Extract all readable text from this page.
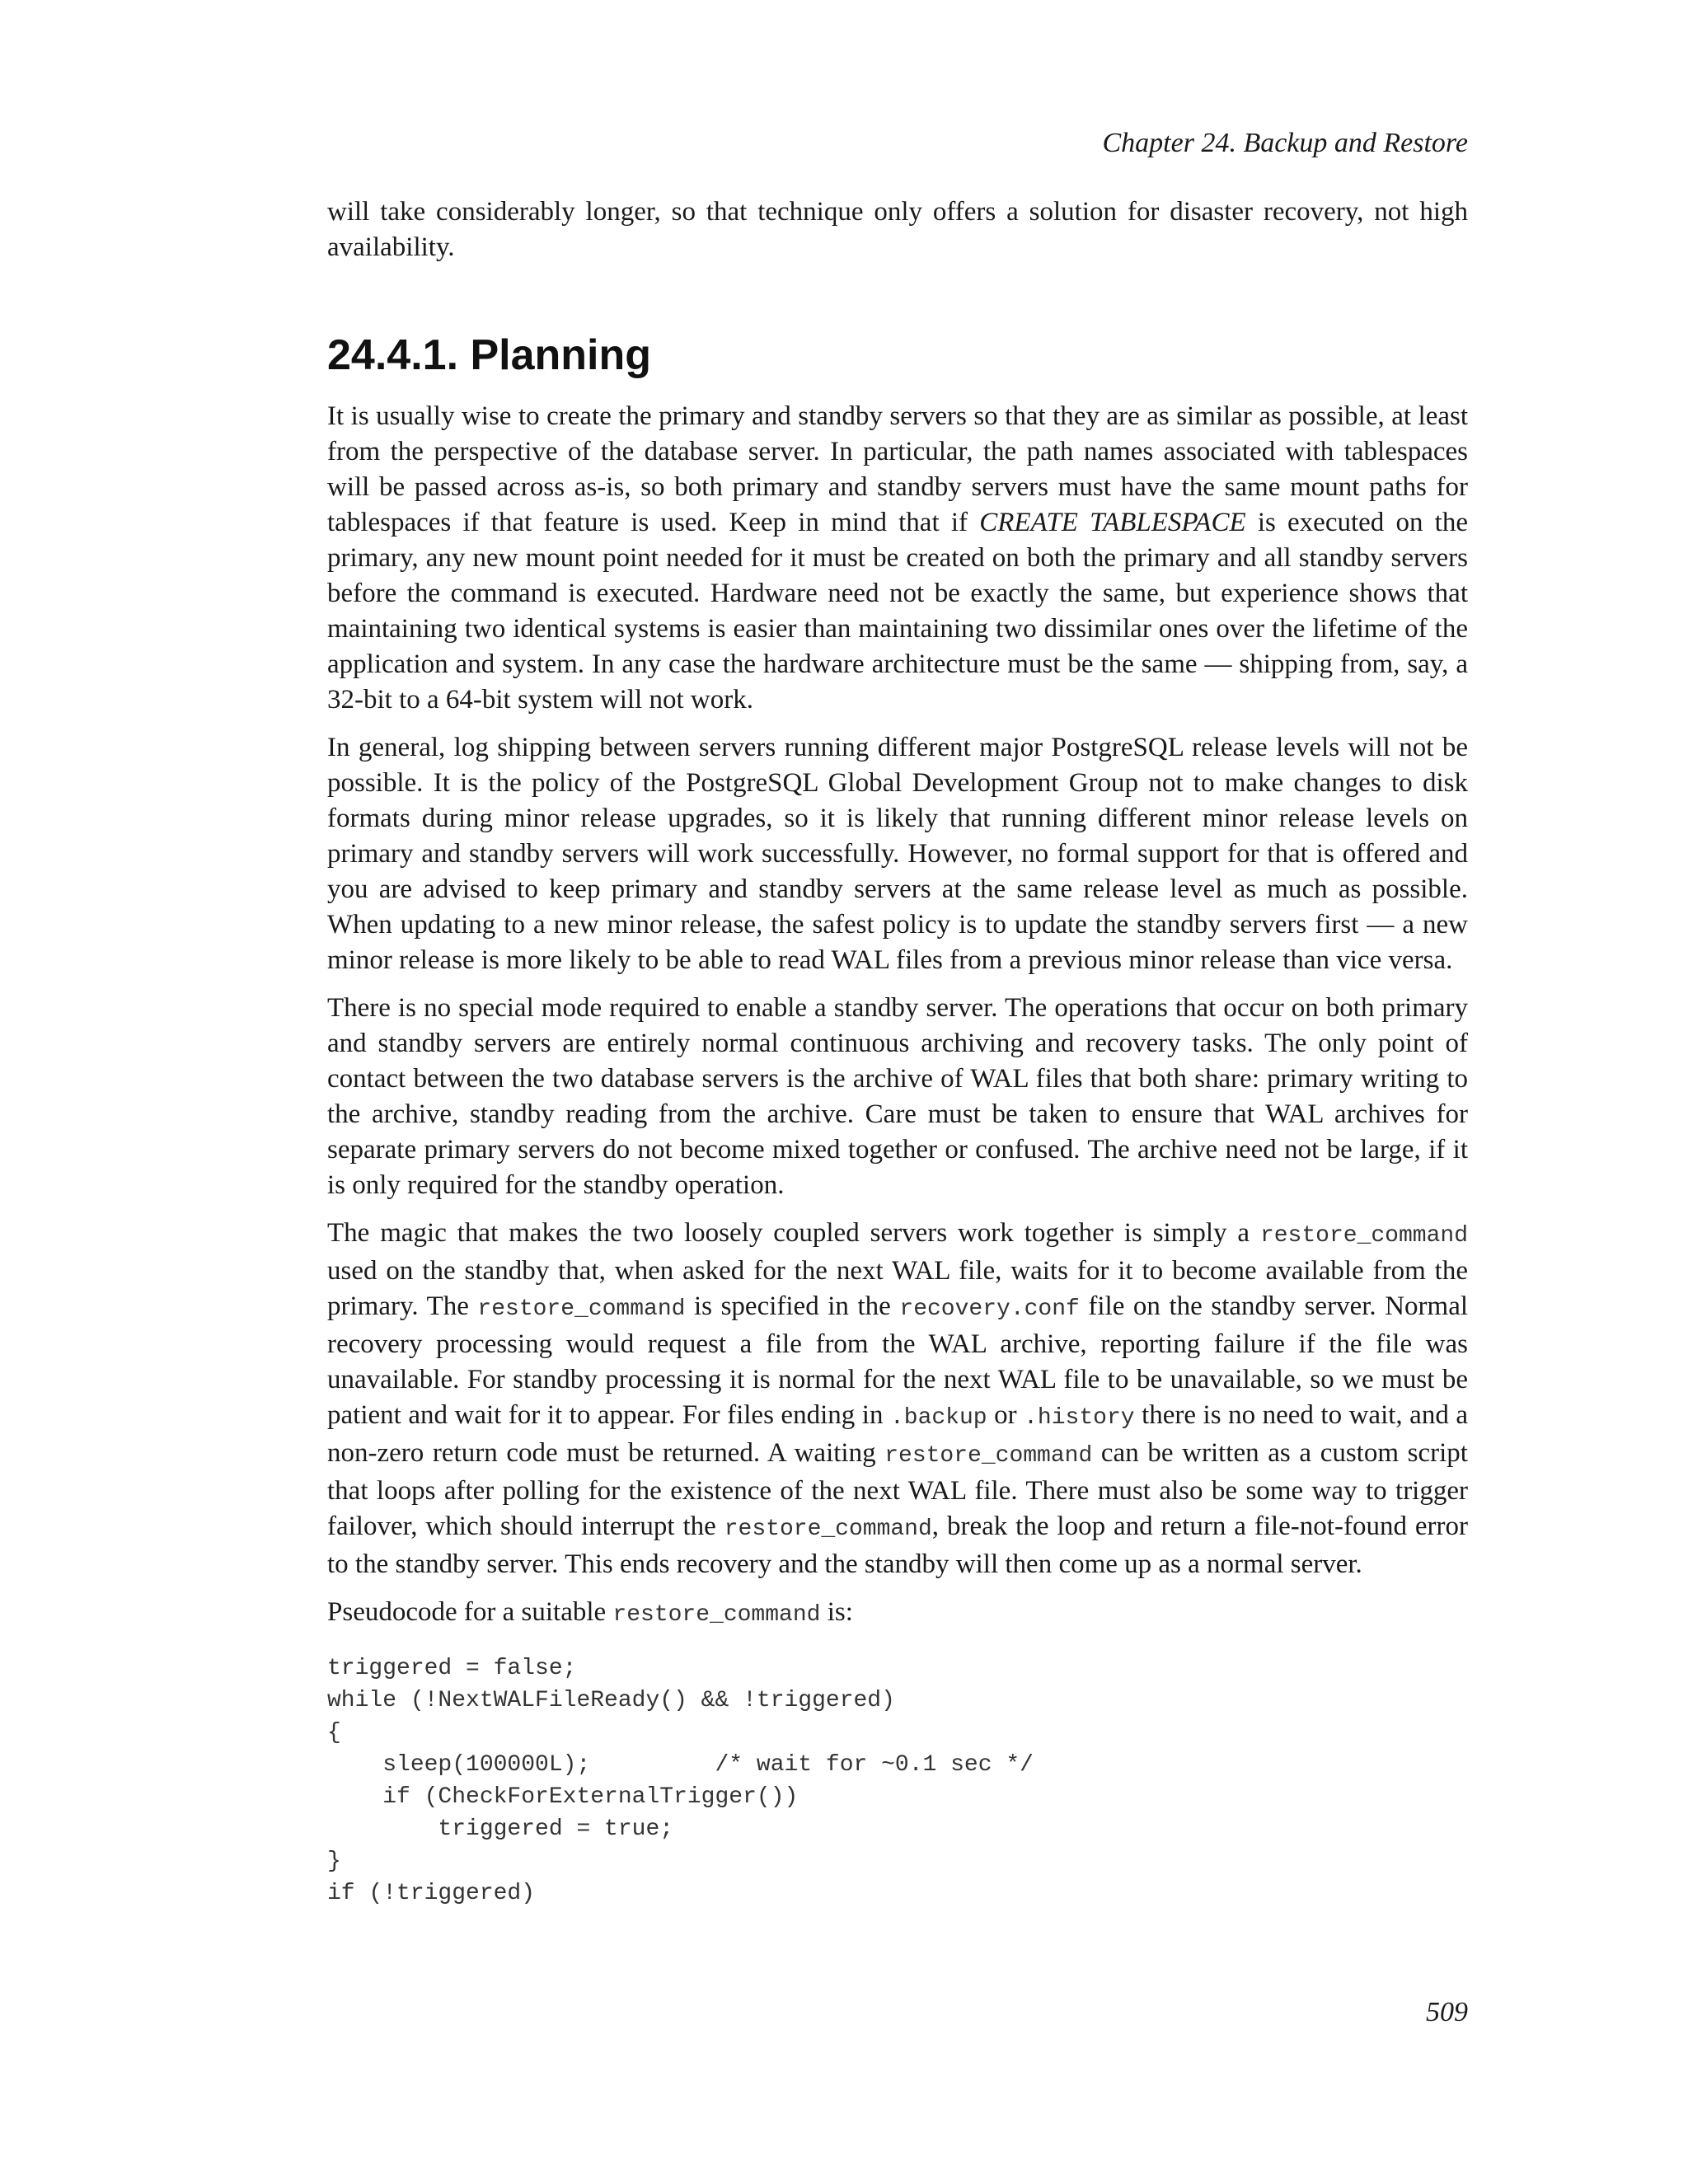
Chapter 24. Backup and Restore

will take considerably longer, so that technique only offers a solution for disaster recovery, not high availability.

24.4.1. Planning

It is usually wise to create the primary and standby servers so that they are as similar as possible, at least from the perspective of the database server. In particular, the path names associated with tablespaces will be passed across as-is, so both primary and standby servers must have the same mount paths for tablespaces if that feature is used. Keep in mind that if CREATE TABLESPACE is executed on the primary, any new mount point needed for it must be created on both the primary and all standby servers before the command is executed. Hardware need not be exactly the same, but experience shows that maintaining two identical systems is easier than maintaining two dissimilar ones over the lifetime of the application and system. In any case the hardware architecture must be the same — shipping from, say, a 32-bit to a 64-bit system will not work.

In general, log shipping between servers running different major PostgreSQL release levels will not be possible. It is the policy of the PostgreSQL Global Development Group not to make changes to disk formats during minor release upgrades, so it is likely that running different minor release levels on primary and standby servers will work successfully. However, no formal support for that is offered and you are advised to keep primary and standby servers at the same release level as much as possible. When updating to a new minor release, the safest policy is to update the standby servers first — a new minor release is more likely to be able to read WAL files from a previous minor release than vice versa.

There is no special mode required to enable a standby server. The operations that occur on both primary and standby servers are entirely normal continuous archiving and recovery tasks. The only point of contact between the two database servers is the archive of WAL files that both share: primary writing to the archive, standby reading from the archive. Care must be taken to ensure that WAL archives for separate primary servers do not become mixed together or confused. The archive need not be large, if it is only required for the standby operation.

The magic that makes the two loosely coupled servers work together is simply a restore_command used on the standby that, when asked for the next WAL file, waits for it to become available from the primary. The restore_command is specified in the recovery.conf file on the standby server. Normal recovery processing would request a file from the WAL archive, reporting failure if the file was unavailable. For standby processing it is normal for the next WAL file to be unavailable, so we must be patient and wait for it to appear. For files ending in .backup or .history there is no need to wait, and a non-zero return code must be returned. A waiting restore_command can be written as a custom script that loops after polling for the existence of the next WAL file. There must also be some way to trigger failover, which should interrupt the restore_command, break the loop and return a file-not-found error to the standby server. This ends recovery and the standby will then come up as a normal server.

Pseudocode for a suitable restore_command is:

triggered = false;
while (!NextWALFileReady() && !triggered)
{
sleep(100000L);         /* wait for ~0.1 sec */
if (CheckForExternalTrigger())
triggered = true;
}
if (!triggered)
509
